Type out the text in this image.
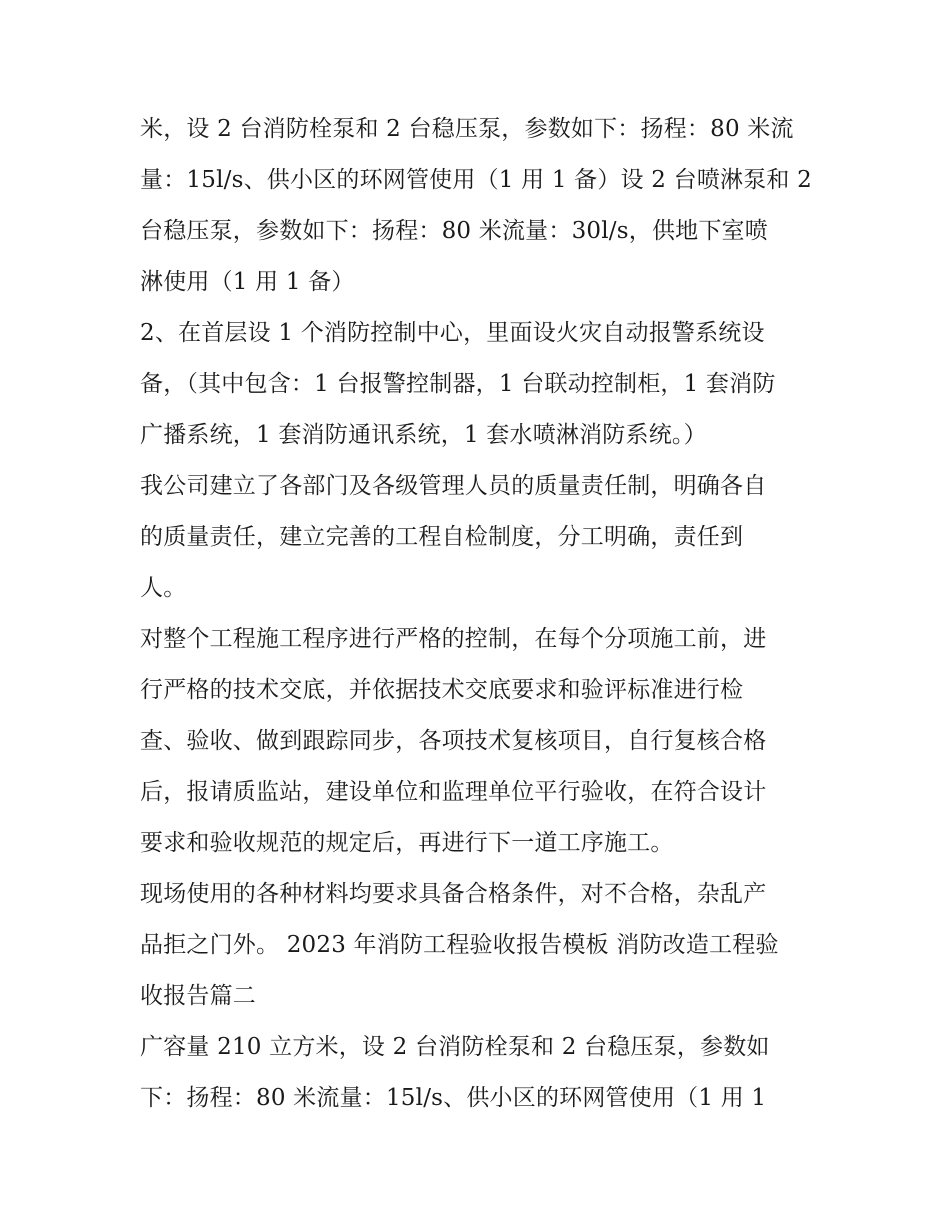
米，设 2 台消防栓泵和 2 台稳压泵，参数如下：扬程：80 米流
量：15l/s、供小区的环网管使用（1 用 1 备）设 2 台喷淋泵和 2
台稳压泵，参数如下：扬程：80 米流量：30l/s，供地下室喷
淋使用（1 用 1 备）
2、在首层设 1 个消防控制中心，里面设火灾自动报警系统设
备，（其中包含：1 台报警控制器，1 台联动控制柜，1 套消防
广播系统，1 套消防通讯系统，1 套水喷淋消防系统。）
我公司建立了各部门及各级管理人员的质量责任制，明确各自
的质量责任，建立完善的工程自检制度，分工明确，责任到
人。
对整个工程施工程序进行严格的控制，在每个分项施工前，进
行严格的技术交底，并依据技术交底要求和验评标准进行检
查、验收、做到跟踪同步，各项技术复核项目，自行复核合格
后，报请质监站，建设单位和监理单位平行验收，在符合设计
要求和验收规范的规定后，再进行下一道工序施工。
现场使用的各种材料均要求具备合格条件，对不合格，杂乱产
品拒之门外。 2023 年消防工程验收报告模板 消防改造工程验
收报告篇二
广容量 210 立方米，设 2 台消防栓泵和 2 台稳压泵，参数如
下：扬程：80 米流量：15l/s、供小区的环网管使用（1 用 1
